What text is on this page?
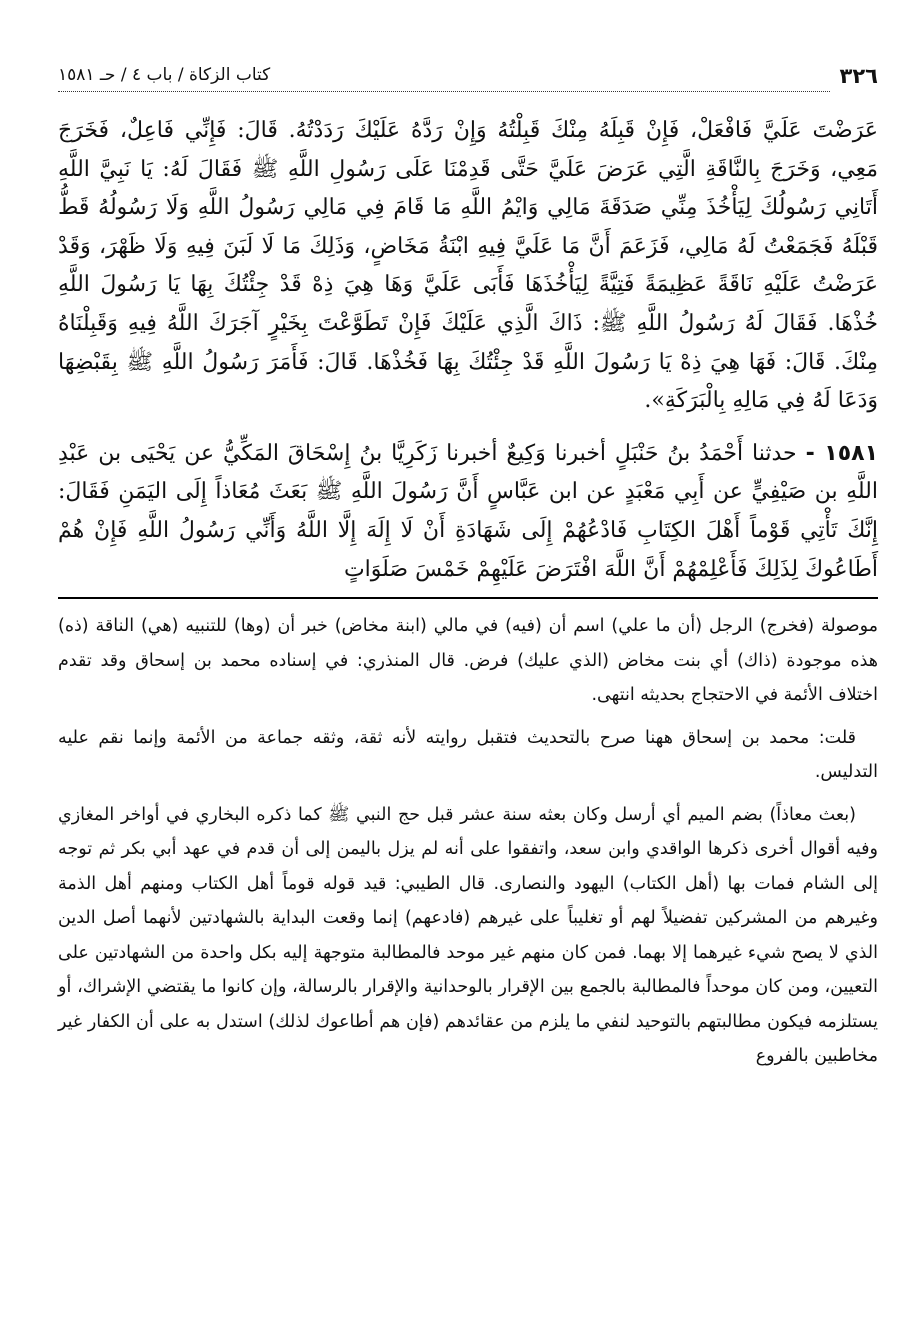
٣٢٦
كتاب الزكاة / باب ٤ / حـ ١٥٨١

عَرَضْتَ عَلَيَّ فَافْعَلْ، فَإِنْ قَبِلَهُ مِنْكَ قَبِلْتُهُ وَإِنْ رَدَّهُ عَلَيْكَ رَدَدْتُهُ. قَالَ: فَإِنِّي فَاعِلٌ، فَخَرَجَ مَعِي، وَخَرَجَ بِالنَّاقَةِ الَّتِي عَرَضَ عَلَيَّ حَتَّى قَدِمْنَا عَلَى رَسُولِ اللَّهِ ﷺ فَقَالَ لَهُ: يَا نَبِيَّ اللَّهِ أَتَانِي رَسُولُكَ لِيَأْخُذَ مِنِّي صَدَقَةَ مَالِي وَايْمُ اللَّهِ مَا قَامَ فِي مَالِي رَسُولُ اللَّهِ وَلَا رَسُولُهُ قَطُّ قَبْلَهُ فَجَمَعْتُ لَهُ مَالِي، فَزَعَمَ أَنَّ مَا عَلَيَّ فِيهِ ابْنَةُ مَخَاضٍ، وَذَلِكَ مَا لَا لَبَنَ فِيهِ وَلَا ظَهْرَ، وَقَدْ عَرَضْتُ عَلَيْهِ نَاقَةً عَظِيمَةً فَتِيَّةً لِيَأْخُذَهَا فَأَبَى عَلَيَّ وَهَا هِيَ ذِهْ قَدْ جِئْتُكَ بِهَا يَا رَسُولَ اللَّهِ خُذْهَا. فَقَالَ لَهُ رَسُولُ اللَّهِ ﷺ: ذَاكَ الَّذِي عَلَيْكَ فَإِنْ تَطَوَّعْتَ بِخَيْرٍ آجَرَكَ اللَّهُ فِيهِ وَقَبِلْنَاهُ مِنْكَ. قَالَ: فَهَا هِيَ ذِهْ يَا رَسُولَ اللَّهِ قَدْ جِئْتُكَ بِهَا فَخُذْهَا. قَالَ: فَأَمَرَ رَسُولُ اللَّهِ ﷺ بِقَبْضِهَا وَدَعَا لَهُ فِي مَالِهِ بِالْبَرَكَةِ».

١٥٨١ - حدثنا أَحْمَدُ بنُ حَنْبَلٍ أخبرنا وَكِيعٌ أخبرنا زَكَرِيَّا بنُ إِسْحَاقَ المَكِّيُّ عن يَحْيَى بن عَبْدِ اللَّهِ بن صَيْفِيٍّ عن أَبِي مَعْبَدٍ عن ابن عَبَّاسٍ أَنَّ رَسُولَ اللَّهِ ﷺ بَعَثَ مُعَاذاً إِلَى اليَمَنِ فَقَالَ: إِنَّكَ تَأْتِي قَوْماً أَهْلَ الكِتَابِ فَادْعُهُمْ إِلَى شَهَادَةِ أَنْ لَا إِلَهَ إِلَّا اللَّهُ وَأَنِّي رَسُولُ اللَّهِ فَإِنْ هُمْ أَطَاعُوكَ لِذَلِكَ فَأَعْلِمْهُمْ أَنَّ اللَّهَ افْتَرَضَ عَلَيْهِمْ خَمْسَ صَلَوَاتٍ

موصولة (فخرج) الرجل (أن ما علي) اسم أن (فيه) في مالي (ابنة مخاض) خبر أن (وها) للتنبيه (هي) الناقة (ذه) هذه موجودة (ذاك) أي بنت مخاض (الذي عليك) فرض. قال المنذري: في إسناده محمد بن إسحاق وقد تقدم اختلاف الأئمة في الاحتجاج بحديثه انتهى.

قلت: محمد بن إسحاق ههنا صرح بالتحديث فتقبل روايته لأنه ثقة، وثقه جماعة من الأئمة وإنما نقم عليه التدليس.

(بعث معاذاً) بضم الميم أي أرسل وكان بعثه سنة عشر قبل حج النبي ﷺ كما ذكره البخاري في أواخر المغازي وفيه أقوال أخرى ذكرها الواقدي وابن سعد، واتفقوا على أنه لم يزل باليمن إلى أن قدم في عهد أبي بكر ثم توجه إلى الشام فمات بها (أهل الكتاب) اليهود والنصارى. قال الطيبي: قيد قوله قوماً أهل الكتاب ومنهم أهل الذمة وغيرهم من المشركين تفضيلاً لهم أو تغليباً على غيرهم (فادعهم) إنما وقعت البداية بالشهادتين لأنهما أصل الدين الذي لا يصح شيء غيرهما إلا بهما. فمن كان منهم غير موحد فالمطالبة متوجهة إليه بكل واحدة من الشهادتين على التعيين، ومن كان موحداً فالمطالبة بالجمع بين الإقرار بالوحدانية والإقرار بالرسالة، وإن كانوا ما يقتضي الإشراك، أو يستلزمه فيكون مطالبتهم بالتوحيد لنفي ما يلزم من عقائدهم (فإن هم أطاعوك لذلك) استدل به على أن الكفار غير مخاطبين بالفروع
